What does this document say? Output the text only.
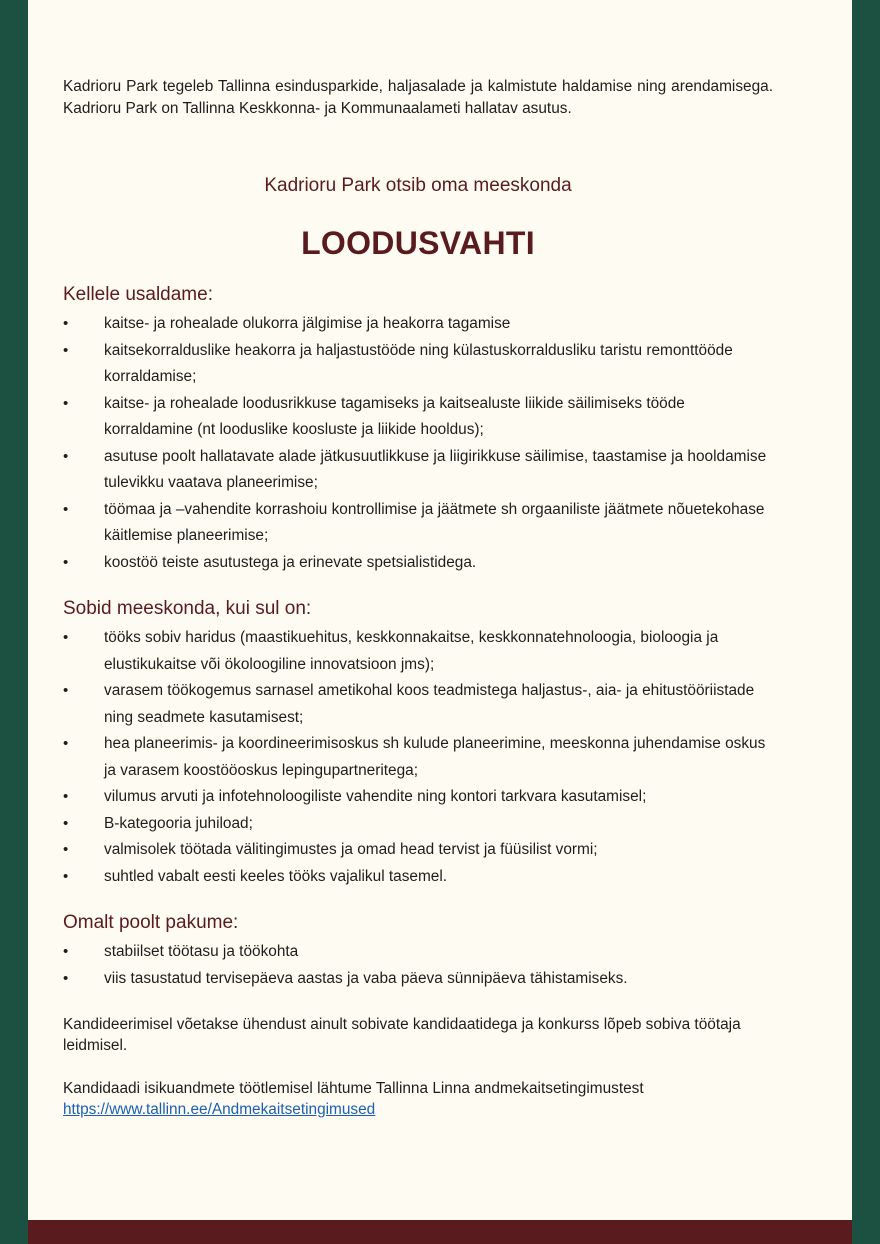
Kadrioru Park tegeleb Tallinna esindusparkide, haljasalade ja kalmistute haldamise ning arendamisega. Kadrioru Park on Tallinna Keskkonna- ja Kommunaalameti hallatav asutus.

Kadrioru Park otsib oma meeskonda
LOODUSVAHTI
Kellele usaldame:
• kaitse- ja rohealade olukorra jälgimise ja heakorra tagamise
• kaitsekorralduslike heakorra ja haljastustööde ning külastuskorraldusliku taristu remonttööde korraldamise;
• kaitse- ja rohealade loodusrikkuse tagamiseks ja kaitsealuste liikide säilimiseks tööde korraldamine (nt looduslike koosluste ja liikide hooldus);
• asutuse poolt hallatavate alade jätkusuutlikkuse ja liigirikkuse säilimise, taastamise ja hooldamise tulevikku vaatava planeerimise;
• töömaa ja –vahendite korrashoiu kontrollimise ja jäätmete sh orgaaniliste jäätmete nõuetekohase käitlemise planeerimise;
• koostöö teiste asutustega ja erinevate spetsialistidega.
Sobid meeskonda, kui sul on:
• tööks sobiv haridus (maastikuehitus, keskkonnakaitse, keskkonnatehnoloogia, bioloogia ja elustikukaitse või ökoloogiline innovatsioon jms);
• varasem töökogemus sarnasel ametikohal koos teadmistega haljastus-, aia- ja ehitustööriistade ning seadmete kasutamisest;
• hea planeerimis- ja koordineerimisoskus sh kulude planeerimine, meeskonna juhendamise oskus ja varasem koostööoskus lepingupartneritega;
• vilumus arvuti ja infotehnoloogiliste vahendite ning kontori tarkvara kasutamisel;
• B-kategooria juhiload;
• valmisolek töötada välitingimustes ja omad head tervist ja füüsilist vormi;
• suhtled vabalt eesti keeles tööks vajalikul tasemel.
Omalt poolt pakume:
• stabiilset töötasu ja töökohta
• viis tasustatud tervisepäeva aastas ja vaba päeva sünnipäeva tähistamiseks.

Kandideerimisel võetakse ühendust ainult sobivate kandidaatidega ja konkurss lõpeb sobiva töötaja leidmisel.

Kandidaadi isikuandmete töötlemisel lähtume Tallinna Linna andmekaitsetingimustest
https://www.tallinn.ee/Andmekaitsetingimused
